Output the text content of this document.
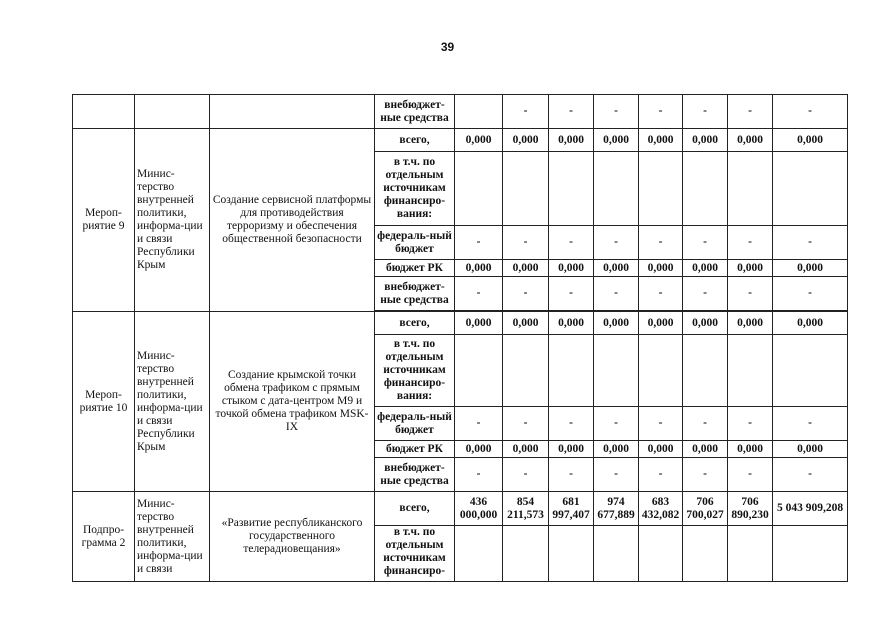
39
			внебюджет-ные средства		-	-	-	-	-	-	-	
Мероп-риятие 9	Минис-терство внутренней политики, информа-ции и связи Республики Крым	Создание сервисной платформы для противодействия терроризму и обеспечения общественной безопасности	всего,	0,000	0,000	0,000	0,000	0,000	0,000	0,000	0,000	
			в т.ч. по отдельным источникам финансиро-вания:									
			федераль-ный бюджет	-	-	-	-	-	-	-	-	
			бюджет РК	0,000	0,000	0,000	0,000	0,000	0,000	0,000	0,000	
			внебюджет-ные средства	-	-	-	-	-	-	-	-	

Мероп-риятие 10	Минис-терство внутренней политики, информа-ции и связи Республики Крым	Создание крымской точки обмена трафиком с прямым стыком с дата-центром M9 и точкой обмена трафиком MSK-IX	всего,	0,000	0,000	0,000	0,000	0,000	0,000	0,000	0,000	
			в т.ч. по отдельным источникам финансиро-вания:									
			федераль-ный бюджет	-	-	-	-	-	-	-	-	
			бюджет РК	0,000	0,000	0,000	0,000	0,000	0,000	0,000	0,000	
			внебюджет-ные средства	-	-	-	-	-	-	-	-	
Подпро-грамма 2	Минис-терство внутренней политики, информа-ции и связи	«Развитие республиканского государственного телерадиовещания»	всего,	436 000,000	854 211,573	681 997,407	974 677,889	683 432,082	706 700,027	706 890,230	5 043 909,208	
			в т.ч. по отдельным источникам финансиро-									
